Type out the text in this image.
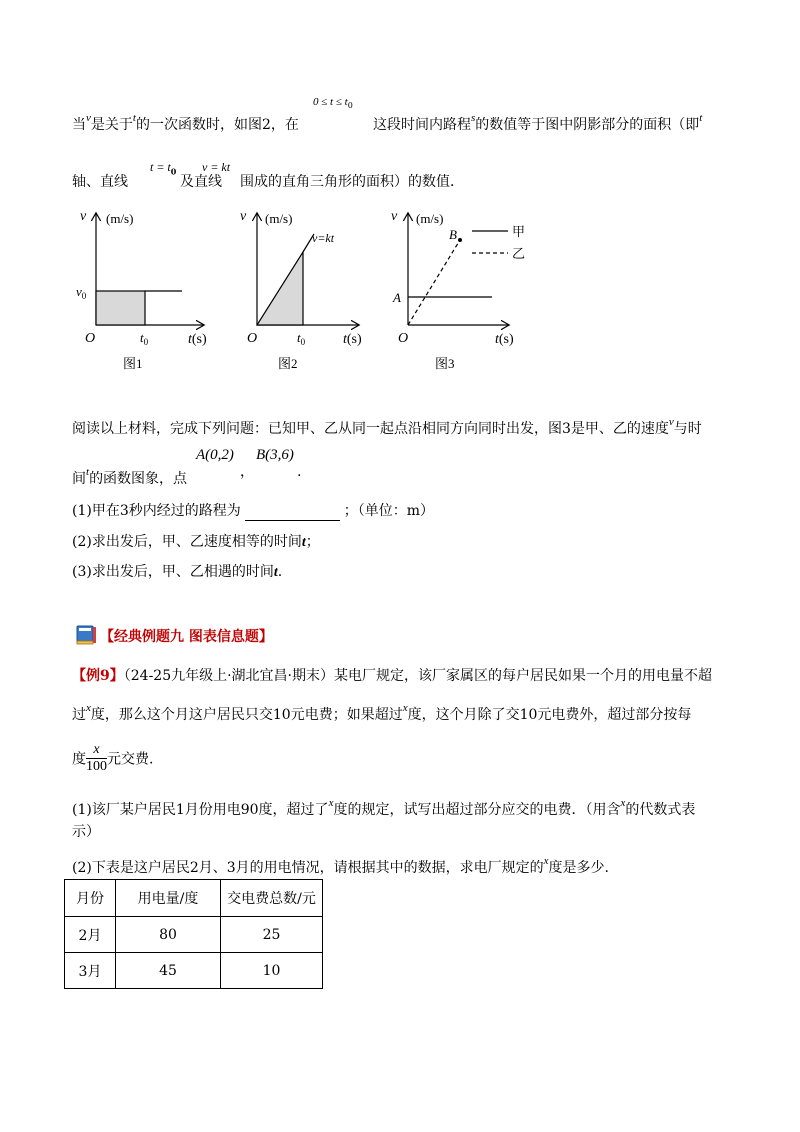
当$^v$是关于$^t$的一次函数时，如图2，在
$0 \le t \le t_0$
这段时间内路程$^s$的数值等于图中阴影部分的面积（即$^t$
轴、直线
$t = t_0$
及直线
v = kt
围成的直角三角形的面积）的数值．
v (m/s)
$v_0$
O	$t_0$	t(s)
图1
v (m/s)
v=kt
O	$t_0$	t(s)
图2
甲
乙
v (m/s)
B
A
O	t(s)
图3
阅读以上材料，完成下列问题：已知甲、乙从同一起点沿相同方向同时出发，图3是甲、乙的速度$^v$与时
间$^t$的函数图象，点
A(0,2)
，
B(3,6)
.
(1)甲在3秒内经过的路程为	；（单位：m）
(2)求出发后，甲、乙速度相等的时间t；
(3)求出发后，甲、乙相遇的时间t.
【经典例题九 图表信息题】
【例9】（24-25九年级上·湖北宜昌·期末）某电厂规定，该厂家属区的每户居民如果一个月的用电量不超
过$^x$度，那么这个月这户居民只交10元电费；如果超过$^x$度，这个月除了交10元电费外，超过部分按每
度 $\frac{x}{100}$ 元交费.
(1)该厂某户居民1月份用电90度，超过了$^x$度的规定，试写出超过部分应交的电费．（用含$^x$的代数式表
示）
(2)下表是这户居民2月、3月的用电情况，请根据其中的数据，求电厂规定的$^x$度是多少.
月份	用电量/度	交电费总数/元
2月	80	25
3月	45	10
